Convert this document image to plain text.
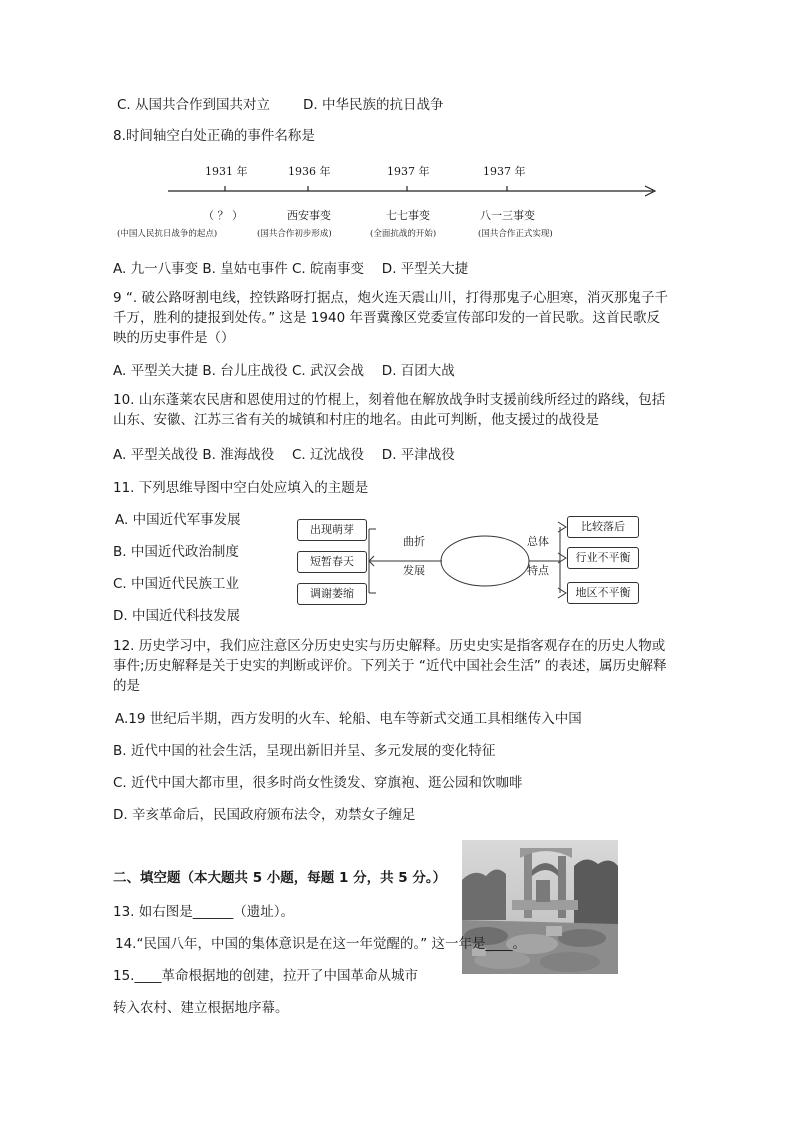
C. 从国共合作到国共对立 D. 中华民族的抗日战争
8.时间轴空白处正确的事件名称是
1931 年	1936 年	1937 年	1937 年
（ ？ ）	西安事变	七七事变	八一三事变
(中国人民抗日战争的起点)	(国共合作初步形成)	(全面抗战的开始)	(国共合作正式实现)
A. 九一八事变 B. 皇姑屯事件 C. 皖南事变　 D. 平型关大捷
9 “. 破公路呀割电线，控铁路呀打据点，炮火连天震山川，打得那鬼子心胆寒，消灭那鬼子千千万，胜利的捷报到处传。” 这是 1940 年晋冀豫区党委宣传部印发的一首民歌。这首民歌反映的历史事件是（）
A. 平型关大捷 B. 台儿庄战役 C. 武汉会战　 D. 百团大战
10. 山东蓬莱农民唐和恩使用过的竹棍上，刻着他在解放战争时支援前线所经过的路线，包括山东、安徽、江苏三省有关的城镇和村庄的地名。由此可判断，他支援过的战役是
A. 平型关战役 B. 淮海战役　 C. 辽沈战役　 D. 平津战役
11. 下列思维导图中空白处应填入的主题是
A. 中国近代军事发展
B. 中国近代政治制度
C. 中国近代民族工业
D. 中国近代科技发展
出现萌芽
短暂春天
调谢萎缩
曲折
发展
总体
特点
比较落后
行业不平衡
地区不平衡
12. 历史学习中，我们应注意区分历史史实与历史解释。历史史实是指客观存在的历史人物或事件;历史解释是关于史实的判断或评价。下列关于 “近代中国社会生活” 的表述，属历史解释的是
A.19 世纪后半期，西方发明的火车、轮船、电车等新式交通工具相继传入中国
B. 近代中国的社会生活，呈现出新旧并呈、多元发展的变化特征
C. 近代中国大都市里，很多时尚女性烫发、穿旗袍、逛公园和饮咖啡
D. 辛亥革命后，民国政府颁布法令，劝禁女子缠足
二、填空题（本大题共 5 小题，每题 1 分，共 5 分。）
13. 如右图是______（遗址）。
14.“民国八年，中国的集体意识是在这一年觉醒的。” 这一年是____。
15.____革命根据地的创建，拉开了中国革命从城市
转入农村、建立根据地序幕。
